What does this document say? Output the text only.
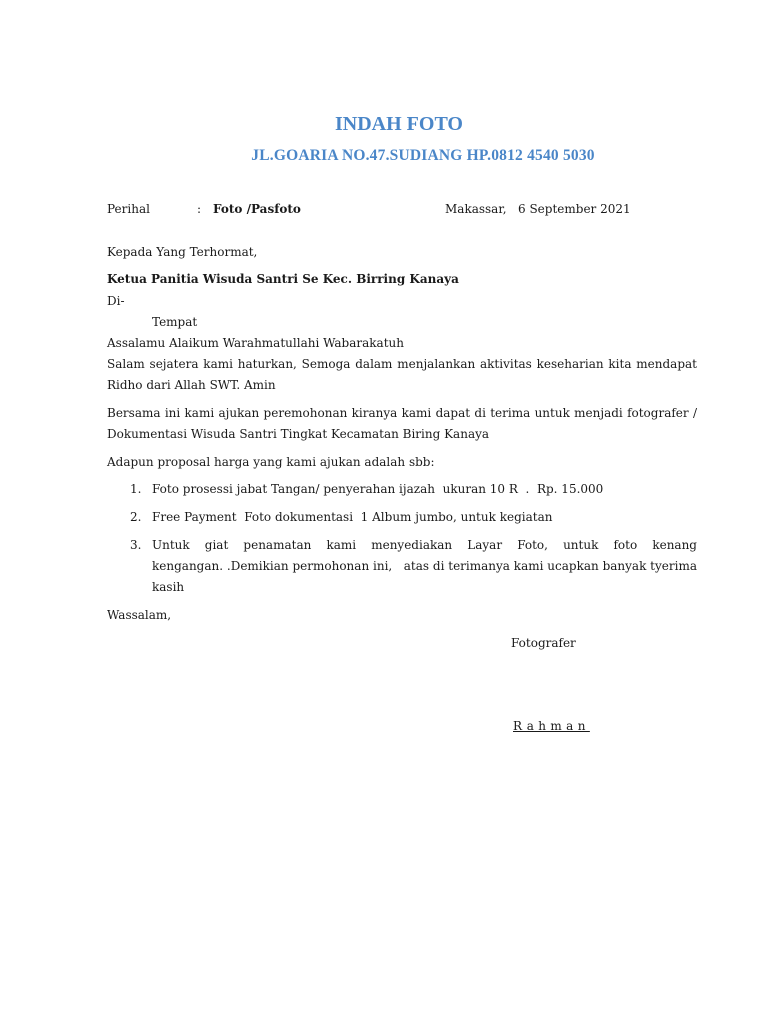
INDAH FOTO
JL.GOARIA NO.47.SUDIANG HP.0812 4540 5030
Perihal	: Foto /Pasfoto	Makassar,   6 September 2021
Kepada Yang Terhormat,
Ketua Panitia Wisuda Santri Se Kec. Birring Kanaya
Di-
Tempat
Assalamu Alaikum Warahmatullahi Wabarakatuh
Salam sejatera kami haturkan, Semoga dalam menjalankan aktivitas keseharian kita mendapat
Ridho dari Allah SWT. Amin
Bersama ini kami ajukan peremohonan kiranya kami dapat di terima untuk menjadi fotografer /
Dokumentasi Wisuda Santri Tingkat Kecamatan Biring Kanaya
Adapun proposal harga yang kami ajukan adalah sbb:
1. Foto prosessi jabat Tangan/ penyerahan ijazah  ukuran 10 R  .  Rp. 15.000
2. Free Payment  Foto dokumentasi  1 Album jumbo, untuk kegiatan
3. Untuk giat penamatan kami menyediakan Layar Foto, untuk foto kenang
kengangan. .Demikian permohonan ini,   atas di terimanya kami ucapkan banyak tyerima
kasih
Wassalam,
Fotografer
Rahman
